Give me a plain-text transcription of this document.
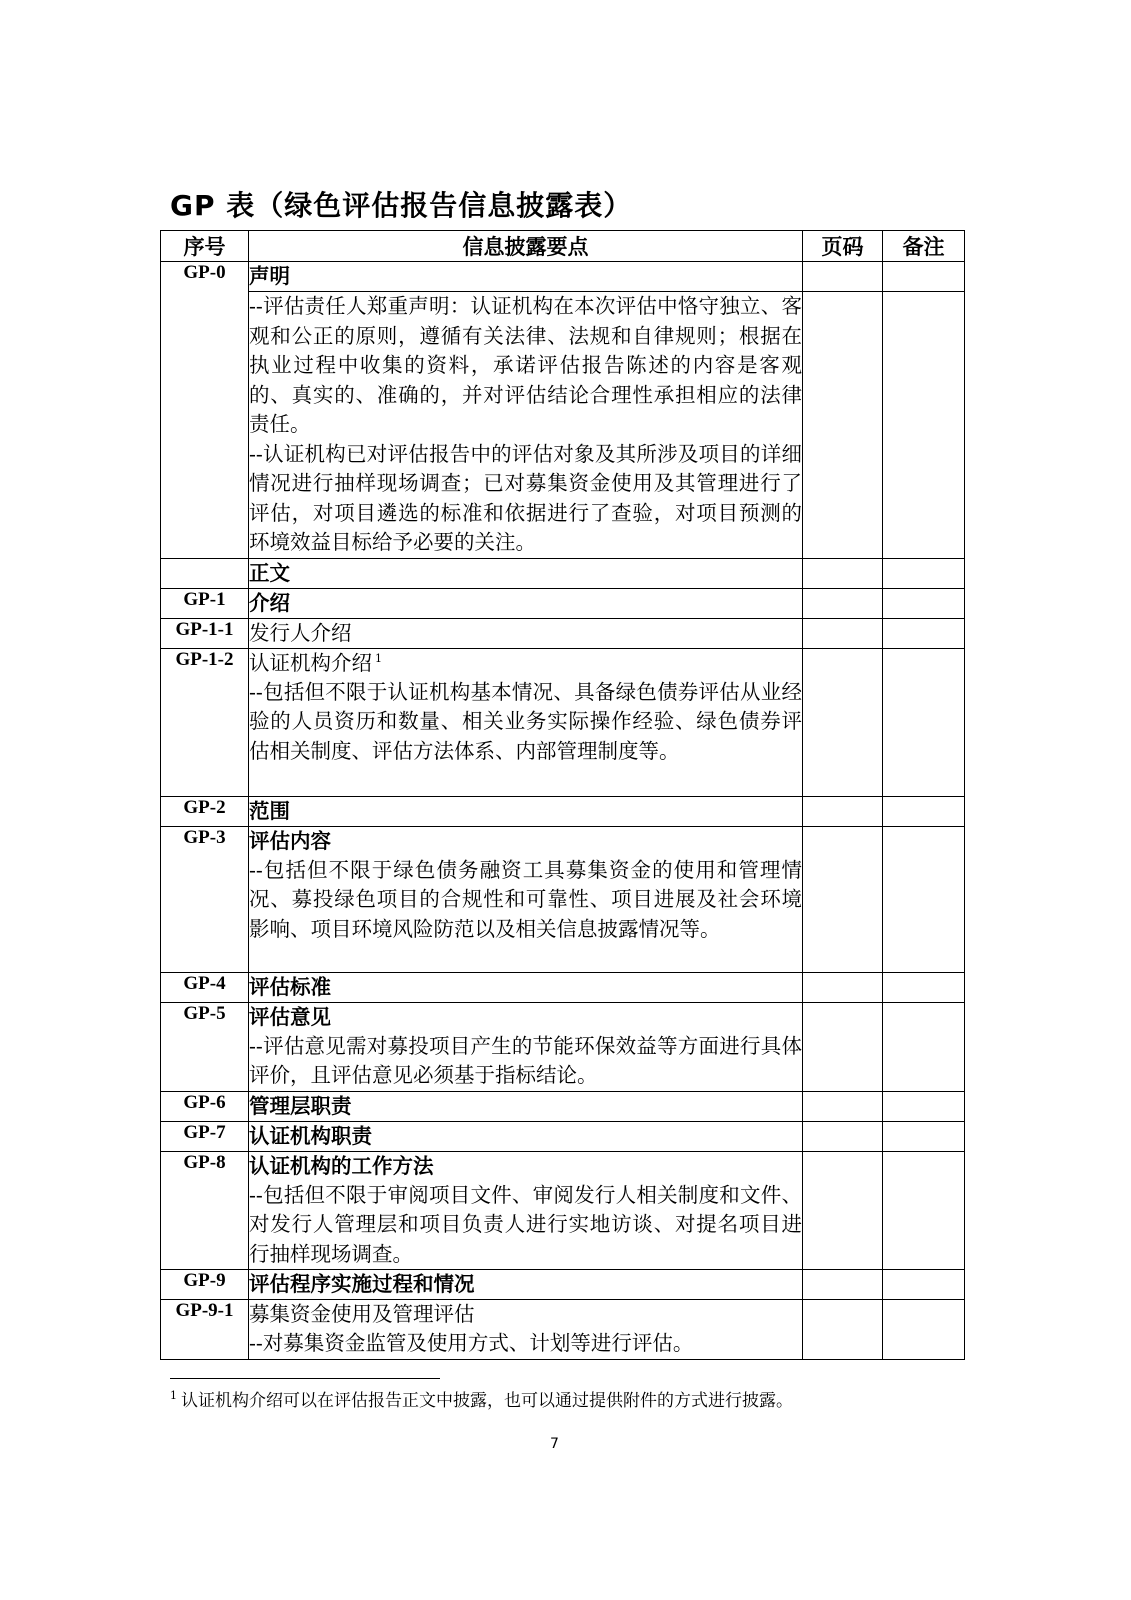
GP 表（绿色评估报告信息披露表）
序号	信息披露要点	页码	备注
GP-0	声明		

	--评估责任人郑重声明：认证机构在本次评估中恪守独立、客观和公正的原则，遵循有关法律、法规和自律规则；根据在执业过程中收集的资料，承诺评估报告陈述的内容是客观的、真实的、准确的，并对评估结论合理性承担相应的法律责任。
--认证机构已对评估报告中的评估对象及其所涉及项目的详细情况进行抽样现场调查；已对募集资金使用及其管理进行了评估，对项目遴选的标准和依据进行了查验，对项目预测的环境效益目标给予必要的关注。		

	正文		

GP-1	介绍		

GP-1-1	发行人介绍		

GP-1-2	认证机构介绍 $^1$
--包括但不限于认证机构基本情况、具备绿色债券评估从业经验的人员资历和数量、相关业务实际操作经验、绿色债券评估相关制度、评估方法体系、内部管理制度等。		

GP-2	范围		

GP-3	评估内容
--包括但不限于绿色债务融资工具募集资金的使用和管理情况、募投绿色项目的合规性和可靠性、项目进展及社会环境影响、项目环境风险防范以及相关信息披露情况等。		

GP-4	评估标准		

GP-5	评估意见
--评估意见需对募投项目产生的节能环保效益等方面进行具体评价，且评估意见必须基于指标结论。		

GP-6	管理层职责		

GP-7	认证机构职责		

GP-8	认证机构的工作方法
--包括但不限于审阅项目文件、审阅发行人相关制度和文件、对发行人管理层和项目负责人进行实地访谈、对提名项目进行抽样现场调查。		

GP-9	评估程序实施过程和情况		

GP-9-1	募集资金使用及管理评估
--对募集资金监管及使用方式、计划等进行评估。		

$^1$ 认证机构介绍可以在评估报告正文中披露，也可以通过提供附件的方式进行披露。
7
